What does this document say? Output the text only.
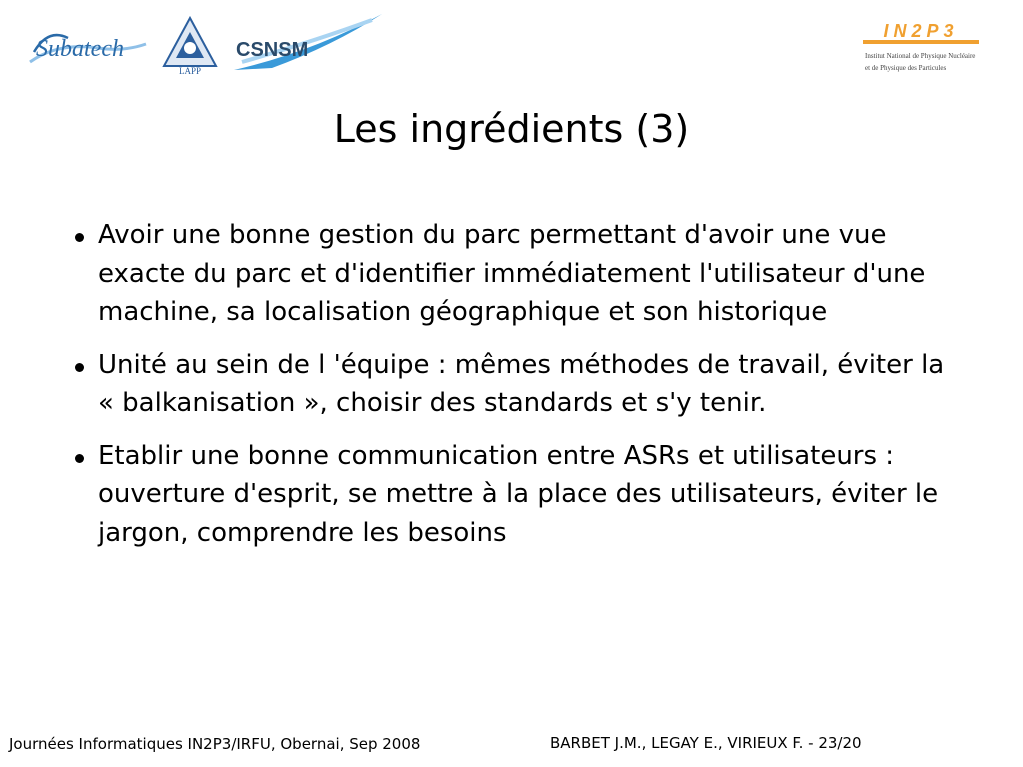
Subatech
LAPP
CSNSM
IN2P3
Institut National de Physique Nucléaire
et de Physique des Particules
Les ingrédients (3)
Avoir une bonne gestion du parc permettant d'avoir une vue exacte du parc et d'identifier immédiatement l'utilisateur d'une machine, sa localisation géographique et son historique
Unité au sein de l 'équipe : mêmes méthodes de travail, éviter la « balkanisation », choisir des standards et s'y tenir.
Etablir une bonne communication entre ASRs et utilisateurs : ouverture d'esprit, se mettre à la place des utilisateurs, éviter le jargon, comprendre les besoins
Journées Informatiques IN2P3/IRFU, Obernai, Sep 2008	BARBET J.M., LEGAY E., VIRIEUX F. - 23/20
